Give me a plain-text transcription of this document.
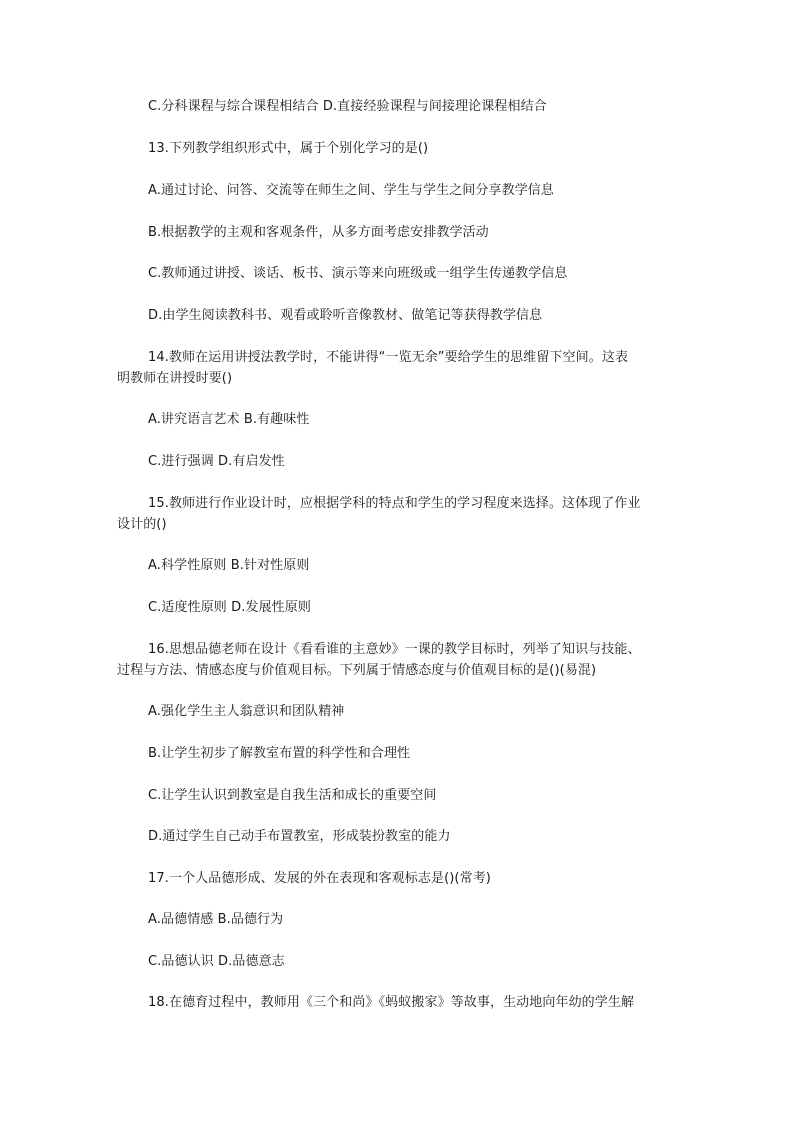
C.分科课程与综合课程相结合 D.直接经验课程与间接理论课程相结合
13.下列教学组织形式中，属于个别化学习的是()
A.通过讨论、问答、交流等在师生之间、学生与学生之间分享教学信息
B.根据教学的主观和客观条件，从多方面考虑安排教学活动
C.教师通过讲授、谈话、板书、演示等来向班级或一组学生传递教学信息
D.由学生阅读教科书、观看或聆听音像教材、做笔记等获得教学信息
14.教师在运用讲授法教学时，不能讲得“一览无余”要给学生的思维留下空间。这表
明教师在讲授时要()
A.讲究语言艺术 B.有趣味性
C.进行强调 D.有启发性
15.教师进行作业设计时，应根据学科的特点和学生的学习程度来选择。这体现了作业
设计的()
A.科学性原则 B.针对性原则
C.适度性原则 D.发展性原则
16.思想品德老师在设计《看看谁的主意妙》一课的教学目标时，列举了知识与技能、
过程与方法、情感态度与价值观目标。下列属于情感态度与价值观目标的是()(易混)
A.强化学生主人翁意识和团队精神
B.让学生初步了解教室布置的科学性和合理性
C.让学生认识到教室是自我生活和成长的重要空间
D.通过学生自己动手布置教室，形成装扮教室的能力
17.一个人品德形成、发展的外在表现和客观标志是()(常考)
A.品德情感 B.品德行为
C.品德认识 D.品德意志
18.在德育过程中，教师用《三个和尚》《蚂蚁搬家》等故事，生动地向年幼的学生解
